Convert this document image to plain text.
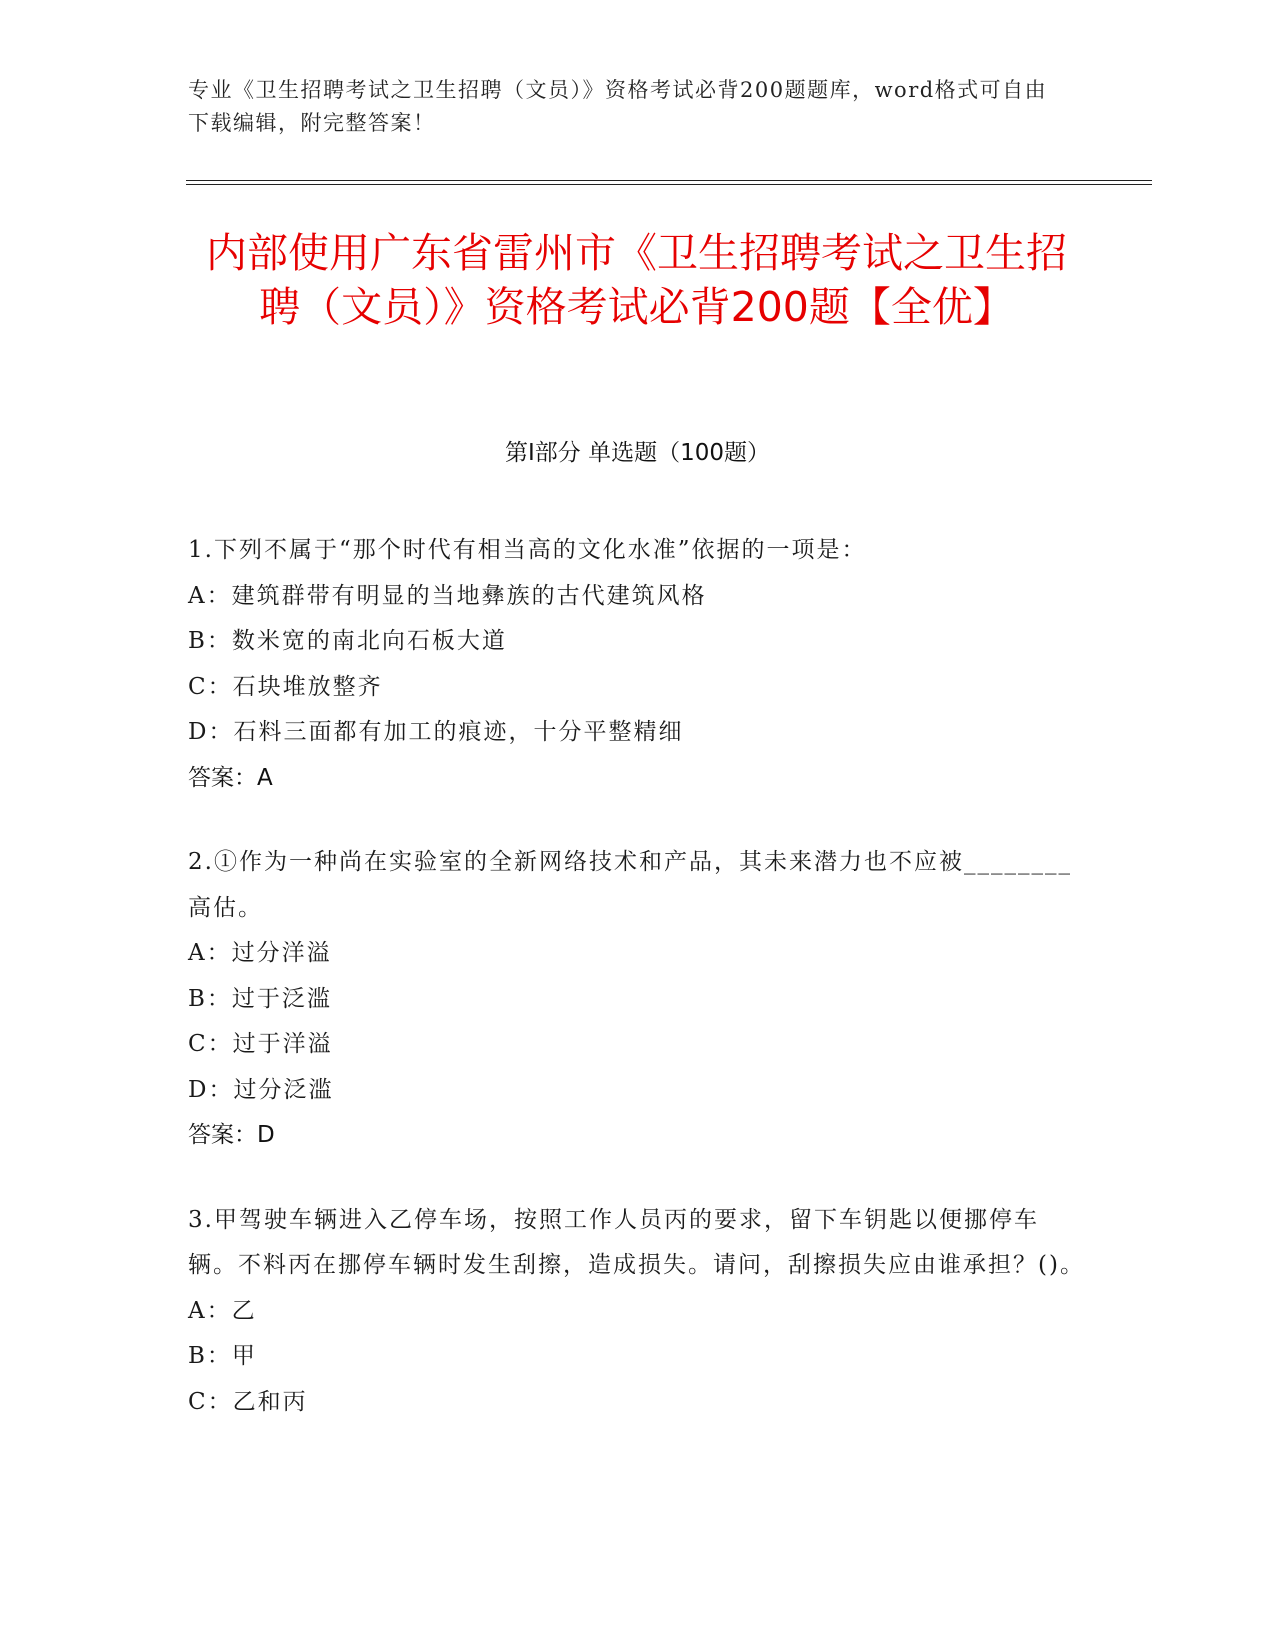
专业《卫生招聘考试之卫生招聘（文员）》资格考试必背200题题库，word格式可自由下载编辑，附完整答案！
内部使用广东省雷州市《卫生招聘考试之卫生招聘（文员）》资格考试必背200题【全优】
第Ⅰ部分 单选题（100题）

1.下列不属于“那个时代有相当高的文化水准”依据的一项是：

A：建筑群带有明显的当地彝族的古代建筑风格

B：数米宽的南北向石板大道

C：石块堆放整齐

D：石料三面都有加工的痕迹，十分平整精细

答案：A

2.①作为一种尚在实验室的全新网络技术和产品，其未来潜力也不应被________高估。

A：过分洋溢

B：过于泛滥

C：过于洋溢

D：过分泛滥

答案：D

3.甲驾驶车辆进入乙停车场，按照工作人员丙的要求，留下车钥匙以便挪停车辆。不料丙在挪停车辆时发生刮擦，造成损失。请问，刮擦损失应由谁承担？()。

A：乙

B：甲

C：乙和丙
